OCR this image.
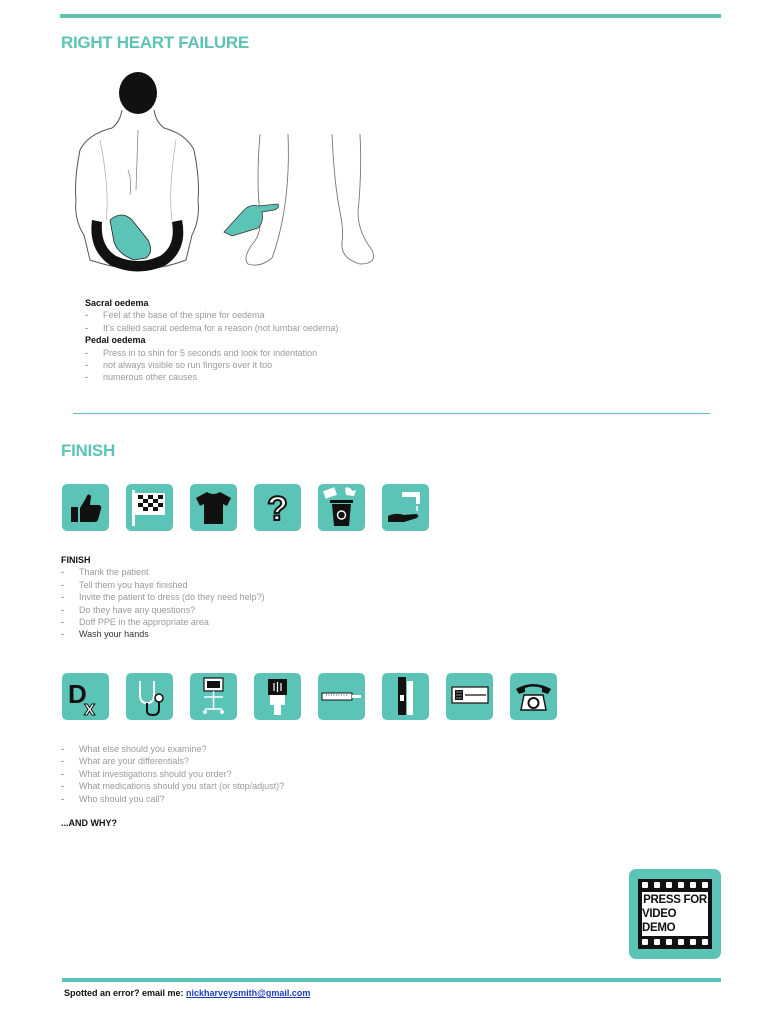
RIGHT HEART FAILURE
Sacral oedema
- Feel at the base of the spine for oedema
- It's called sacral oedema for a reason (not lumbar oedema)
Pedal oedema
- Press in to shin for 5 seconds and look for indentation
- not always visible so run fingers over it too
- numerous other causes
FINISH
?
FINISH
- Thank the patient
- Tell them you have finished
- Invite the patient to dress (do they need help?)
- Do they have any questions?
- Doff PPE in the appropriate area
- Wash your hands
D
x
- What else should you examine?
- What are your differentials?
- What investigations should you order?
- What medications should you start (or stop/adjust)?
- Who should you call?
...AND WHY?
PRESS FOR
VIDEO DEMO
Spotted an error? email me: nickharveysmith@gmail.com
